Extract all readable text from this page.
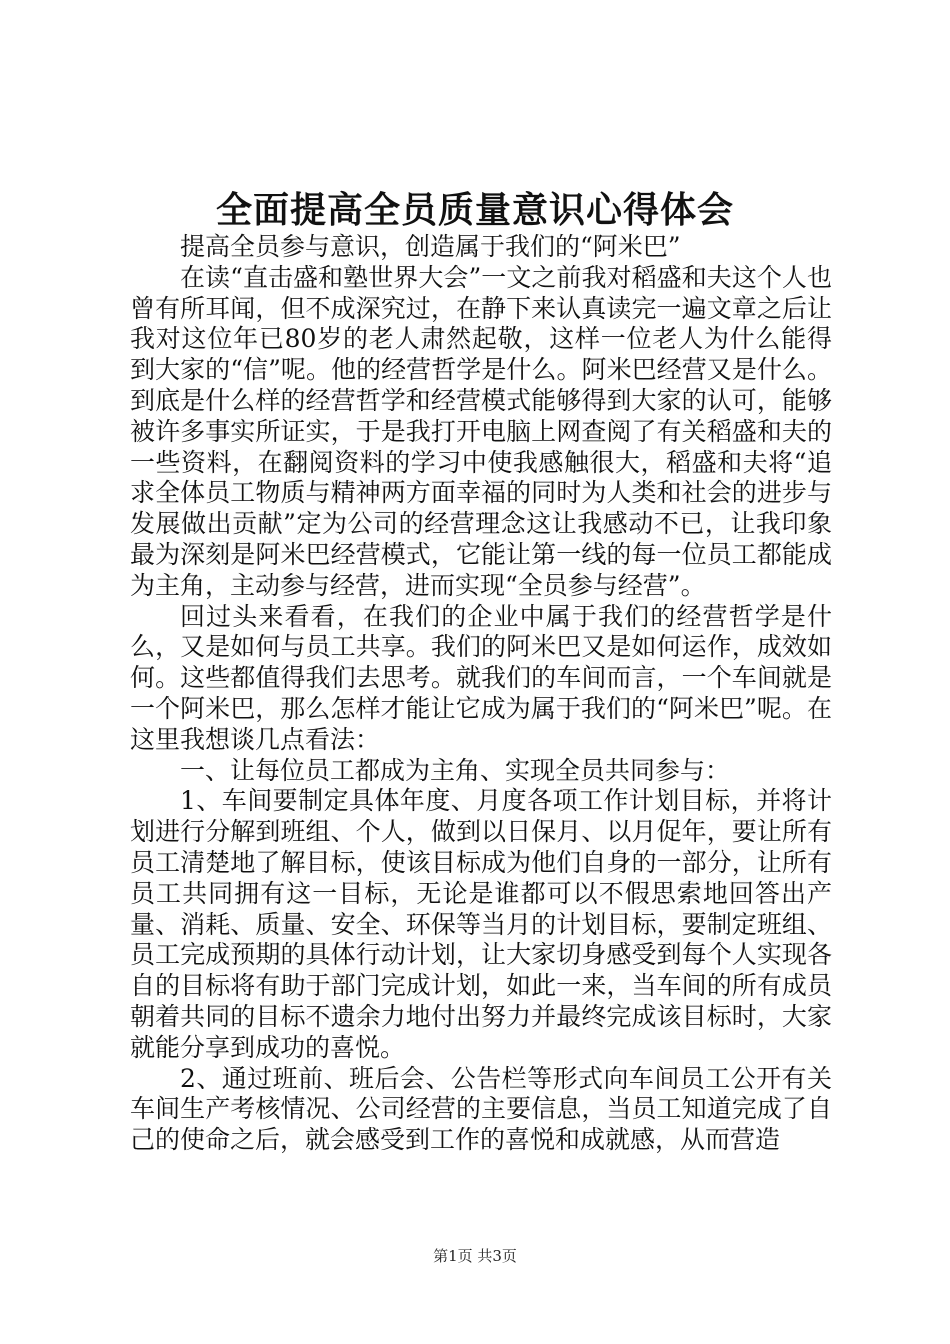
全面提高全员质量意识心得体会

提高全员参与意识，创造属于我们的“阿米巴”

在读“直击盛和塾世界大会”一文之前我对稻盛和夫这个人也曾有所耳闻，但不成深究过，在静下来认真读完一遍文章之后让我对这位年已80岁的老人肃然起敬，这样一位老人为什么能得到大家的“信”呢。他的经营哲学是什么。阿米巴经营又是什么。到底是什么样的经营哲学和经营模式能够得到大家的认可，能够被许多事实所证实，于是我打开电脑上网查阅了有关稻盛和夫的一些资料，在翻阅资料的学习中使我感触很大，稻盛和夫将“追求全体员工物质与精神两方面幸福的同时为人类和社会的进步与发展做出贡献”定为公司的经营理念这让我感动不已，让我印象最为深刻是阿米巴经营模式，它能让第一线的每一位员工都能成为主角，主动参与经营，进而实现“全员参与经营”。

回过头来看看，在我们的企业中属于我们的经营哲学是什么，又是如何与员工共享。我们的阿米巴又是如何运作，成效如何。这些都值得我们去思考。就我们的车间而言，一个车间就是一个阿米巴，那么怎样才能让它成为属于我们的“阿米巴”呢。在这里我想谈几点看法：

一、让每位员工都成为主角、实现全员共同参与：

1、车间要制定具体年度、月度各项工作计划目标，并将计划进行分解到班组、个人，做到以日保月、以月促年，要让所有员工清楚地了解目标，使该目标成为他们自身的一部分，让所有员工共同拥有这一目标，无论是谁都可以不假思索地回答出产量、消耗、质量、安全、环保等当月的计划目标，要制定班组、员工完成预期的具体行动计划，让大家切身感受到每个人实现各自的目标将有助于部门完成计划，如此一来，当车间的所有成员朝着共同的目标不遗余力地付出努力并最终完成该目标时，大家就能分享到成功的喜悦。

2、通过班前、班后会、公告栏等形式向车间员工公开有关车间生产考核情况、公司经营的主要信息，当员工知道完成了自己的使命之后，就会感受到工作的喜悦和成就感，从而营造

第1页 共3页
